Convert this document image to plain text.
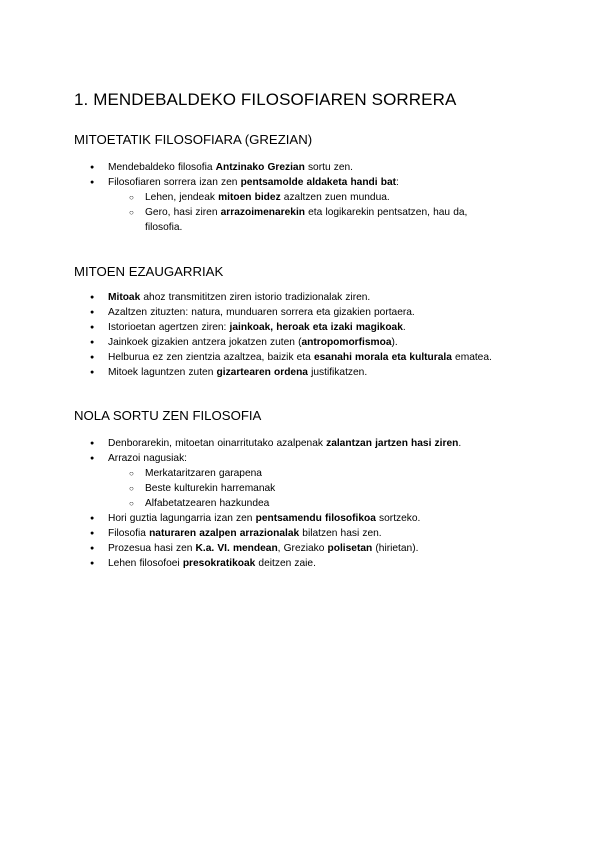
1. MENDEBALDEKO FILOSOFIAREN SORRERA
MITOETATIK FILOSOFIARA (GREZIAN)
● Mendebaldeko filosofia Antzinako Grezian sortu zen.
● Filosofiaren sorrera izan zen pentsamolde aldaketa handi bat:
○ Lehen, jendeak mitoen bidez azaltzen zuen mundua.
○ Gero, hasi ziren arrazoimenarekin eta logikarekin pentsatzen, hau da, filosofia.
MITOEN EZAUGARRIAK
● Mitoak ahoz transmititzen ziren istorio tradizionalak ziren.
● Azaltzen zituzten: natura, munduaren sorrera eta gizakien portaera.
● Istorioetan agertzen ziren: jainkoak, heroak eta izaki magikoak.
● Jainkoek gizakien antzera jokatzen zuten (antropomorfismoa).
● Helburua ez zen zientzia azaltzea, baizik eta esanahi morala eta kulturala ematea.
● Mitoek laguntzen zuten gizartearen ordena justifikatzen.
NOLA SORTU ZEN FILOSOFIA
● Denborarekin, mitoetan oinarritutako azalpenak zalantzan jartzen hasi ziren.
● Arrazoi nagusiak:
○ Merkataritzaren garapena
○ Beste kulturekin harremanak
○ Alfabetatzearen hazkundea
● Hori guztia lagungarria izan zen pentsamendu filosofikoa sortzeko.
● Filosofia naturaren azalpen arrazionalak bilatzen hasi zen.
● Prozesua hasi zen K.a. VI. mendean, Greziako polisetan (hirietan).
● Lehen filosofoei presokratikoak deitzen zaie.
